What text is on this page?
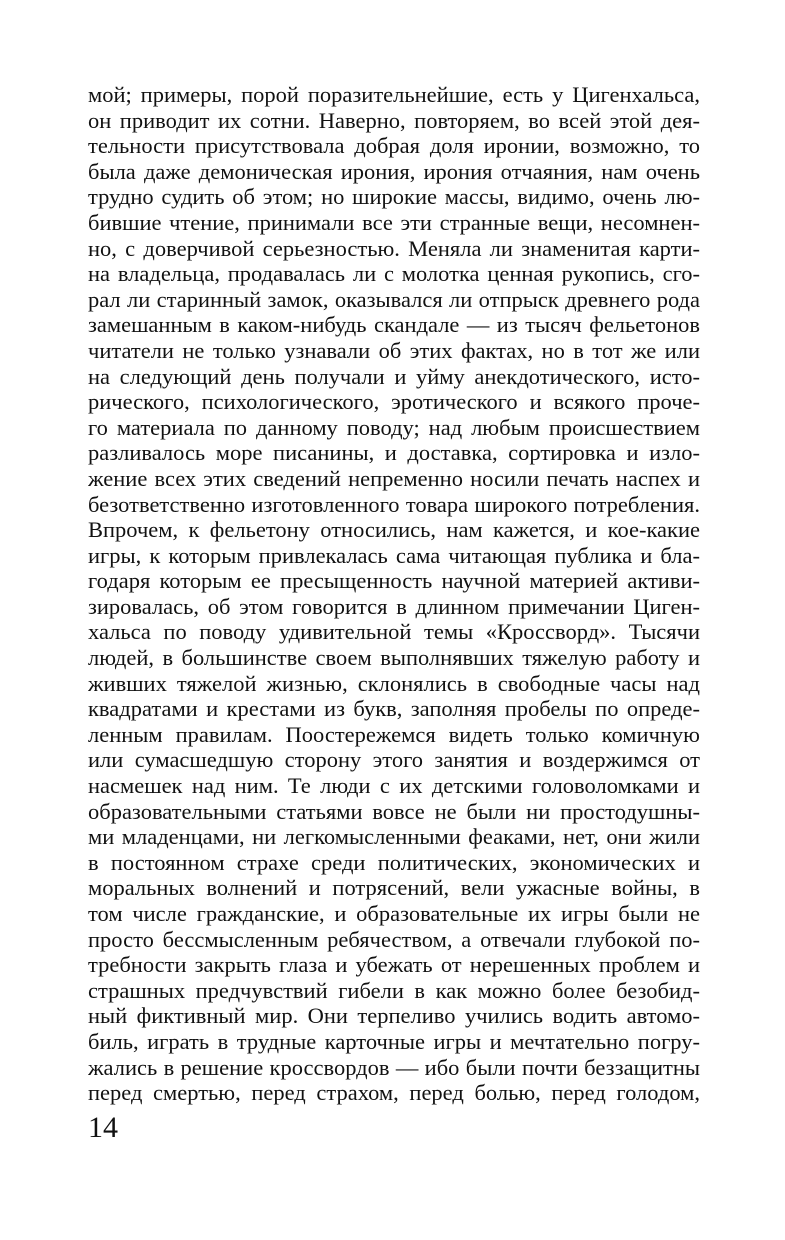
мой; примеры, порой поразительнейшие, есть у Цигенхальса,
он приводит их сотни. Наверно, повторяем, во всей этой дея-
тельности присутствовала добрая доля иронии, возможно, то
была даже демоническая ирония, ирония отчаяния, нам очень
трудно судить об этом; но широкие массы, видимо, очень лю-
бившие чтение, принимали все эти странные вещи, несомнен-
но, с доверчивой серьезностью. Меняла ли знаменитая карти-
на владельца, продавалась ли с молотка ценная рукопись, сго-
рал ли старинный замок, оказывался ли отпрыск древнего рода
замешанным в каком-нибудь скандале — из тысяч фельетонов
читатели не только узнавали об этих фактах, но в тот же или
на следующий день получали и уйму анекдотического, исто-
рического, психологического, эротического и всякого проче-
го материала по данному поводу; над любым происшествием
разливалось море писанины, и доставка, сортировка и изло-
жение всех этих сведений непременно носили печать наспех и
безответственно изготовленного товара широкого потребления.
Впрочем, к фельетону относились, нам кажется, и кое-какие
игры, к которым привлекалась сама читающая публика и бла-
годаря которым ее пресыщенность научной материей активи-
зировалась, об этом говорится в длинном примечании Циген-
хальса по поводу удивительной темы «Кроссворд». Тысячи
людей, в большинстве своем выполнявших тяжелую работу и
живших тяжелой жизнью, склонялись в свободные часы над
квадратами и крестами из букв, заполняя пробелы по опреде-
ленным правилам. Поостережемся видеть только комичную
или сумасшедшую сторону этого занятия и воздержимся от
насмешек над ним. Те люди с их детскими головоломками и
образовательными статьями вовсе не были ни простодушны-
ми младенцами, ни легкомысленными феаками, нет, они жили
в постоянном страхе среди политических, экономических и
моральных волнений и потрясений, вели ужасные войны, в
том числе гражданские, и образовательные их игры были не
просто бессмысленным ребячеством, а отвечали глубокой по-
требности закрыть глаза и убежать от нерешенных проблем и
страшных предчувствий гибели в как можно более безобид-
ный фиктивный мир. Они терпеливо учились водить автомо-
биль, играть в трудные карточные игры и мечтательно погру-
жались в решение кроссвордов — ибо были почти беззащитны
перед смертью, перед страхом, перед болью, перед голодом,
14
